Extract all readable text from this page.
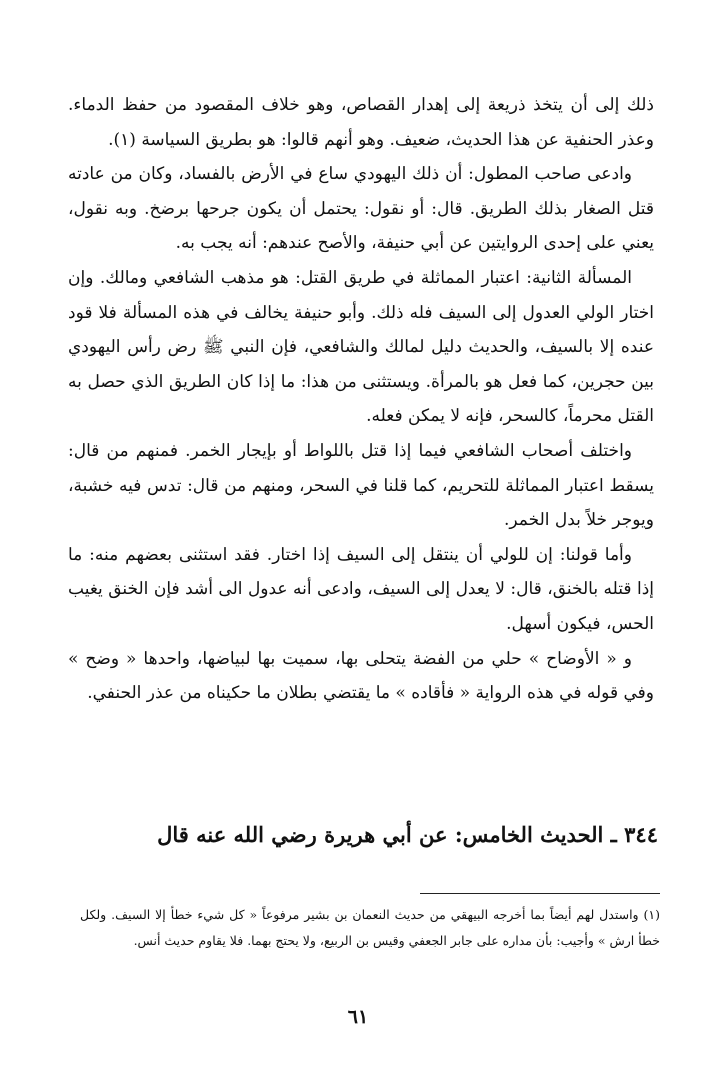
ذلك إلى أن يتخذ ذريعة إلى إهدار القصاص، وهو خلاف المقصود من حفظ الدماء. وعذر الحنفية عن هذا الحديث، ضعيف. وهو أنهم قالوا: هو بطريق السياسة (١).

وادعى صاحب المطول: أن ذلك اليهودي ساع في الأرض بالفساد، وكان من عادته قتل الصغار بذلك الطريق. قال: أو نقول: يحتمل أن يكون جرحها برضخ. وبه نقول، يعني على إحدى الروايتين عن أبي حنيفة، والأصح عندهم: أنه يجب به.

المسألة الثانية: اعتبار المماثلة في طريق القتل: هو مذهب الشافعي ومالك. وإن اختار الولي العدول إلى السيف فله ذلك. وأبو حنيفة يخالف في هذه المسألة فلا قود عنده إلا بالسيف، والحديث دليل لمالك والشافعي، فإن النبي ﷺ رض رأس اليهودي بين حجرين، كما فعل هو بالمرأة. ويستثنى من هذا: ما إذا كان الطريق الذي حصل به القتل محرماً، كالسحر، فإنه لا يمكن فعله.

واختلف أصحاب الشافعي فيما إذا قتل باللواط أو بإيجار الخمر. فمنهم من قال: يسقط اعتبار المماثلة للتحريم، كما قلنا في السحر، ومنهم من قال: تدس فيه خشبة، ويوجر خلاً بدل الخمر.

وأما قولنا: إن للولي أن ينتقل إلى السيف إذا اختار. فقد استثنى بعضهم منه: ما إذا قتله بالخنق، قال: لا يعدل إلى السيف، وادعى أنه عدول الى أشد فإن الخنق يغيب الحس، فيكون أسهل.

و « الأوضاح » حلي من الفضة يتحلى بها، سميت بها لبياضها، واحدها « وضح » وفي قوله في هذه الرواية « فأقاده » ما يقتضي بطلان ما حكيناه من عذر الحنفي.

٣٤٤ ـ الحديث الخامس: عن أبي هريرة رضي الله عنه قال

(١) واستدل لهم أيضاً بما أخرجه البيهقي من حديث النعمان بن بشير مرفوعاً « كل شيء خطأ إلا السيف. ولكل خطأ ارش » وأجيب: بأن مداره على جابر الجعفي وقيس بن الربيع، ولا يحتج بهما. فلا يقاوم حديث أنس.

٦١
